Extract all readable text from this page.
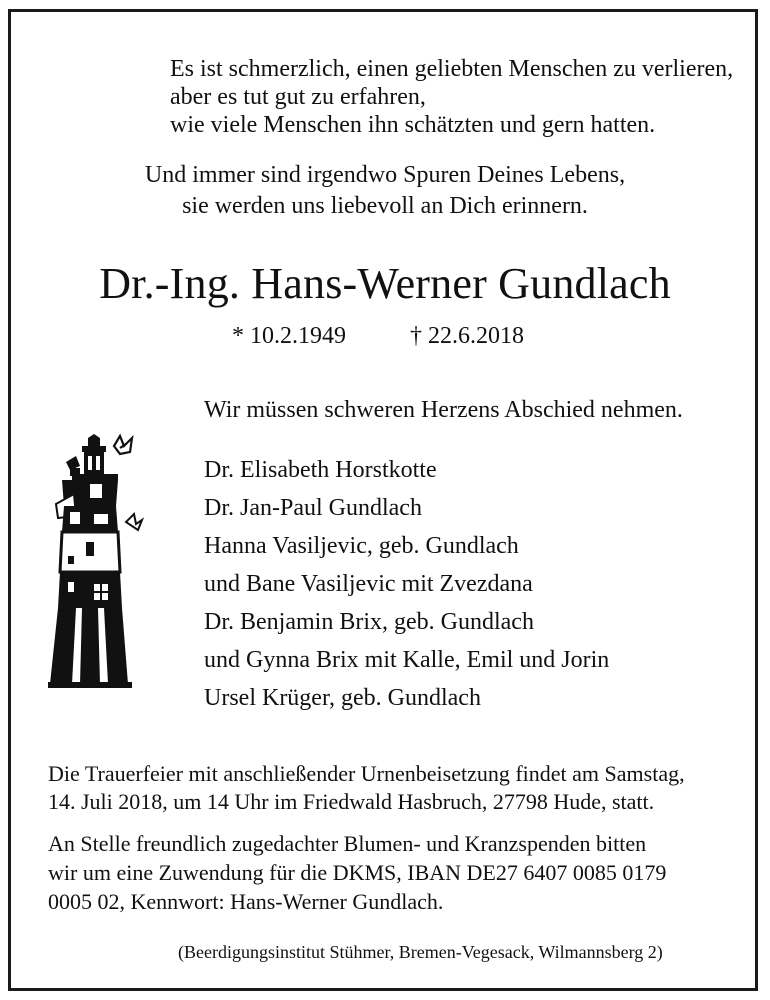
Es ist schmerzlich, einen geliebten Menschen zu verlieren,
aber es tut gut zu erfahren,
wie viele Menschen ihn schätzten und gern hatten.
Und immer sind irgendwo Spuren Deines Lebens,
sie werden uns liebevoll an Dich erinnern.
Dr.-Ing. Hans-Werner Gundlach
* 10.2.1949	† 22.6.2018
Wir müssen schweren Herzens Abschied nehmen.
Dr. Elisabeth Horstkotte
Dr. Jan-Paul Gundlach
Hanna Vasiljevic, geb. Gundlach
und Bane Vasiljevic mit Zvezdana
Dr. Benjamin Brix, geb. Gundlach
und Gynna Brix mit Kalle, Emil und Jorin
Ursel Krüger, geb. Gundlach
Die Trauerfeier mit anschließender Urnenbeisetzung findet am Samstag,
14. Juli 2018, um 14 Uhr im Friedwald Hasbruch, 27798 Hude, statt.
An Stelle freundlich zugedachter Blumen- und Kranzspenden bitten
wir um eine Zuwendung für die DKMS, IBAN DE27 6407 0085 0179
0005 02, Kennwort: Hans-Werner Gundlach.
(Beerdigungsinstitut Stühmer, Bremen-Vegesack, Wilmannsberg 2)
